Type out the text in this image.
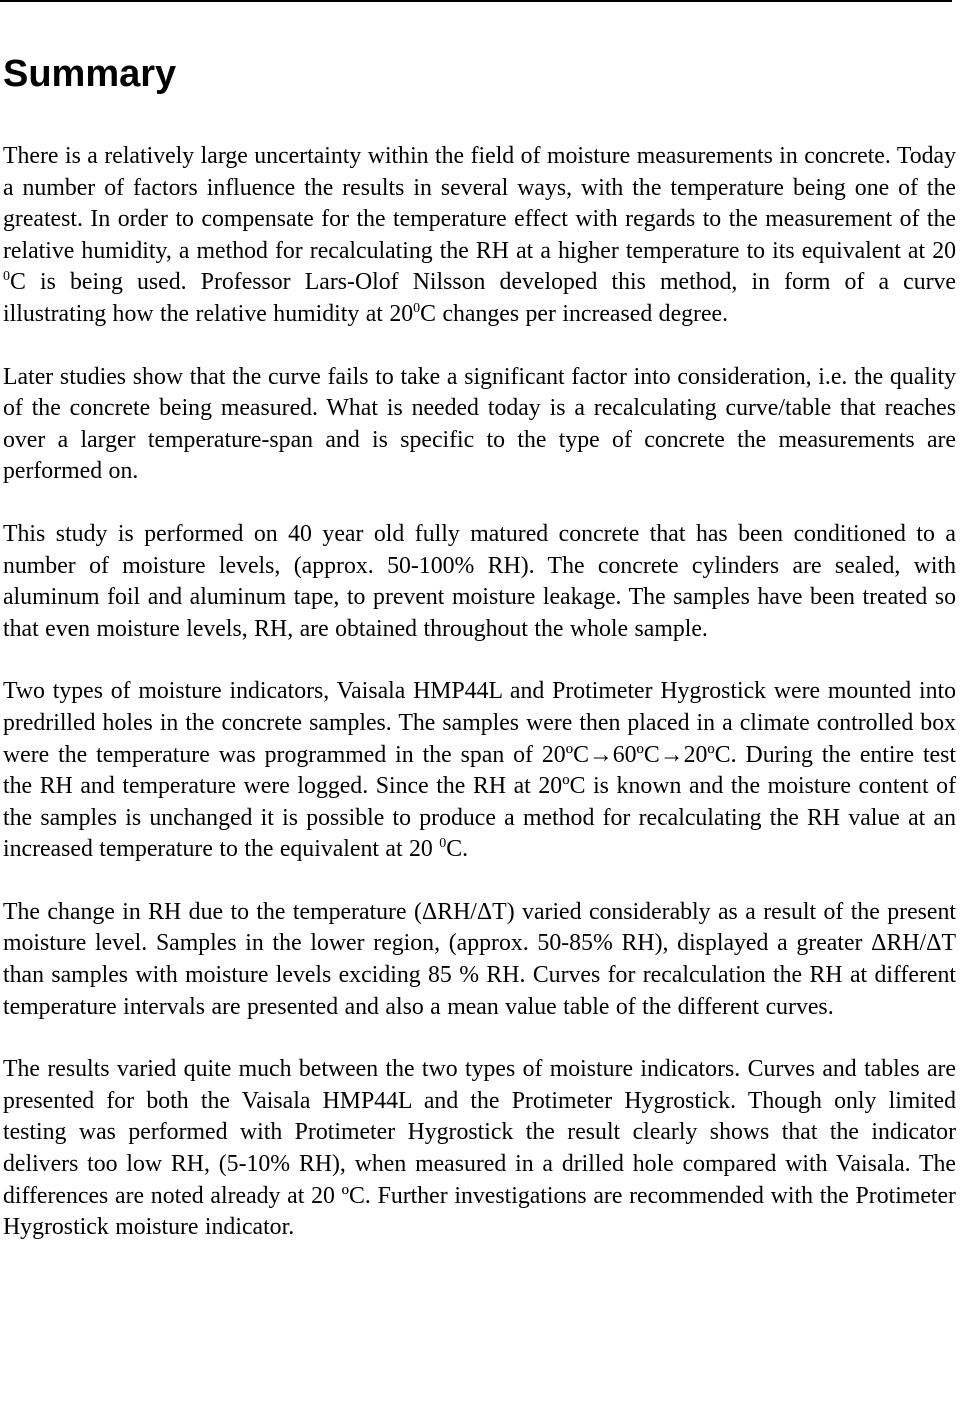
Summary

There is a relatively large uncertainty within the field of moisture measurements in concrete. Today a number of factors influence the results in several ways, with the temperature being one of the greatest. In order to compensate for the temperature effect with regards to the measurement of the relative humidity, a method for recalculating the RH at a higher temperature to its equivalent at 20 $^0$C is being used. Professor Lars-Olof Nilsson developed this method, in form of a curve illustrating how the relative humidity at $20^0C$ changes per increased degree.

Later studies show that the curve fails to take a significant factor into consideration, i.e. the quality of the concrete being measured. What is needed today is a recalculating curve/table that reaches over a larger temperature-span and is specific to the type of concrete the measurements are performed on.

This study is performed on 40 year old fully matured concrete that has been conditioned to a number of moisture levels, (approx. 50-100% RH). The concrete cylinders are sealed, with aluminum foil and aluminum tape, to prevent moisture leakage. The samples have been treated so that even moisture levels, RH, are obtained throughout the whole sample.

Two types of moisture indicators, Vaisala HMP44L and Protimeter Hygrostick were mounted into predrilled holes in the concrete samples. The samples were then placed in a climate controlled box were the temperature was programmed in the span of 20ºC→60ºC→20ºC. During the entire test the RH and temperature were logged. Since the RH at 20ºC is known and the moisture content of the samples is unchanged it is possible to produce a method for recalculating the RH value at an increased temperature to the equivalent at 20 $^0$C.

The change in RH due to the temperature (ΔRH/ΔT) varied considerably as a result of the present moisture level. Samples in the lower region, (approx. 50-85% RH), displayed a greater ΔRH/ΔT than samples with moisture levels exciding 85 % RH. Curves for recalculation the RH at different temperature intervals are presented and also a mean value table of the different curves.

The results varied quite much between the two types of moisture indicators. Curves and tables are presented for both the Vaisala HMP44L and the Protimeter Hygrostick. Though only limited testing was performed with Protimeter Hygrostick the result clearly shows that the indicator delivers too low RH, (5-10% RH), when measured in a drilled hole compared with Vaisala. The differences are noted already at 20 ºC. Further investigations are recommended with the Protimeter Hygrostick moisture indicator.
